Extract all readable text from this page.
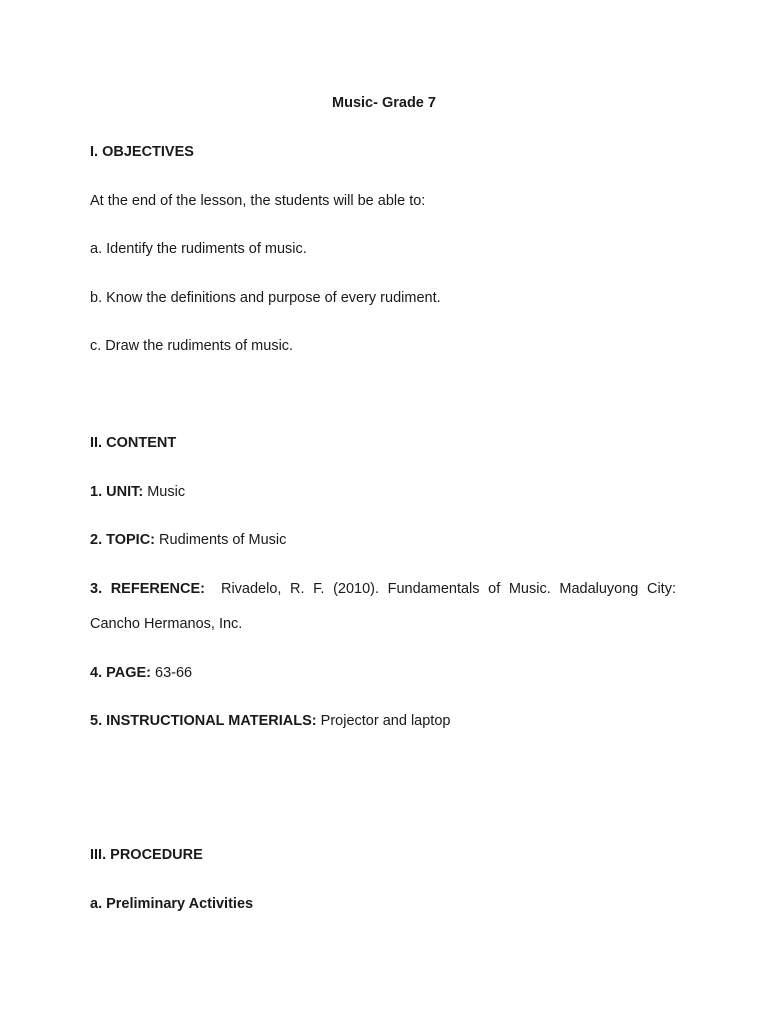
Music- Grade 7
I. OBJECTIVES
At the end of the lesson, the students will be able to:
a. Identify the rudiments of music.
b. Know the definitions and purpose of every rudiment.
c. Draw the rudiments of music.
II. CONTENT
1. UNIT: Music
2. TOPIC: Rudiments of Music
3. REFERENCE: Rivadelo, R. F. (2010). Fundamentals of Music. Madaluyong City:
Cancho Hermanos, Inc.
4. PAGE: 63-66
5. INSTRUCTIONAL MATERIALS: Projector and laptop
III. PROCEDURE
a. Preliminary Activities
